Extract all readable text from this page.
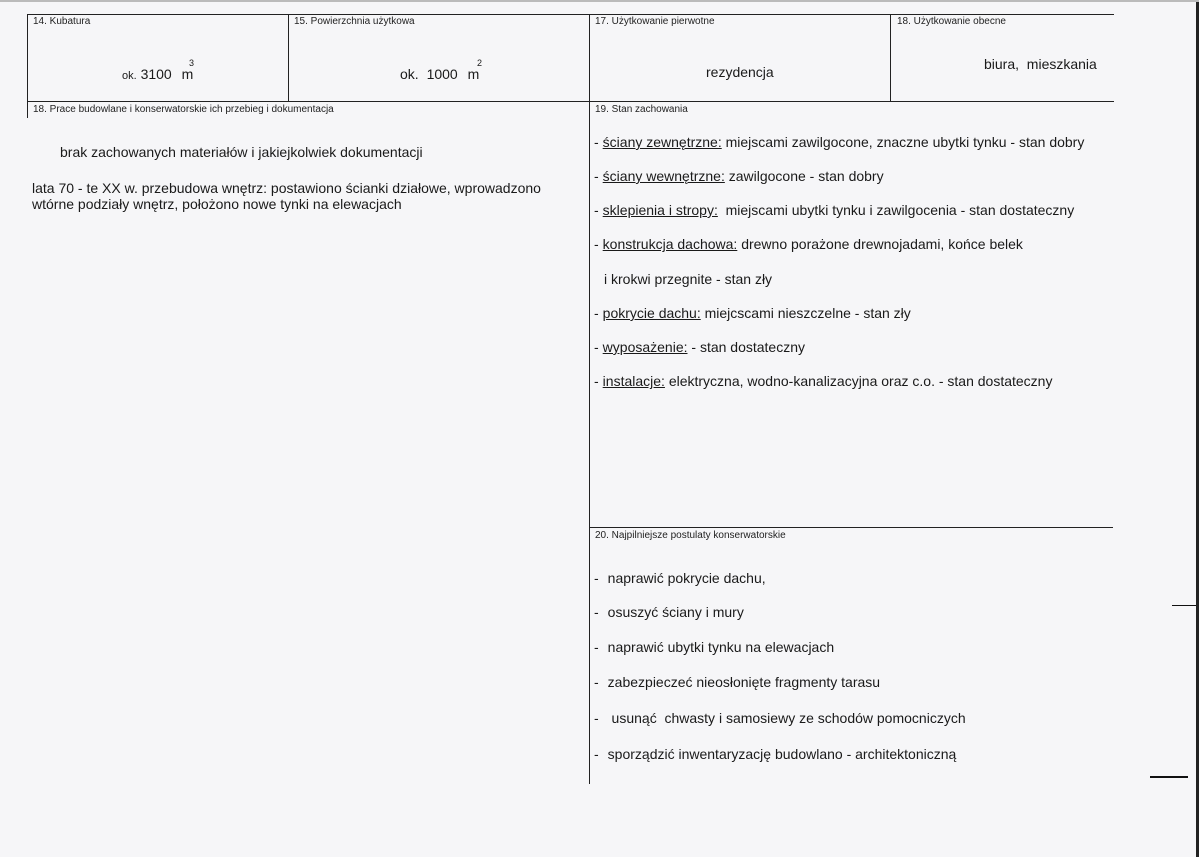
14. Kubatura
ok. 3100 m
3
15. Powierzchnia użytkowa
ok. 1000 m
2
17. Użytkowanie pierwotne
rezydencja
18. Użytkowanie obecne
biura,  mieszkania
18. Prace budowlane i konserwatorskie ich przebieg i dokumentacja
brak zachowanych materiałów i jakiejkolwiek dokumentacji
lata 70 - te XX w. przebudowa wnętrz: postawiono ścianki działowe, wprowadzono
wtórne podziały wnętrz, położono nowe tynki na elewacjach
19. Stan zachowania
- ściany zewnętrzne: miejscami zawilgocone, znaczne ubytki tynku - stan dobry
- ściany wewnętrzne: zawilgocone - stan dobry
- sklepienia i stropy:  miejscami ubytki tynku i zawilgocenia - stan dostateczny
- konstrukcja dachowa: drewno porażone drewnojadami, końce belek
i krokwi przegnite - stan zły
- pokrycie dachu: miejcscami nieszczelne - stan zły
- wyposażenie: - stan dostateczny
- instalacje: elektryczna, wodno-kanalizacyjna oraz c.o. - stan dostateczny
20. Najpilniejsze postulaty konserwatorskie
- naprawić pokrycie dachu,
- osuszyć ściany i mury
- naprawić ubytki tynku na elewacjach
- zabezpieczeć nieosłonięte fragmenty tarasu
- usunąć  chwasty i samosiewy ze schodów pomocniczych
- sporządzić inwentaryzację budowlano - architektoniczną
